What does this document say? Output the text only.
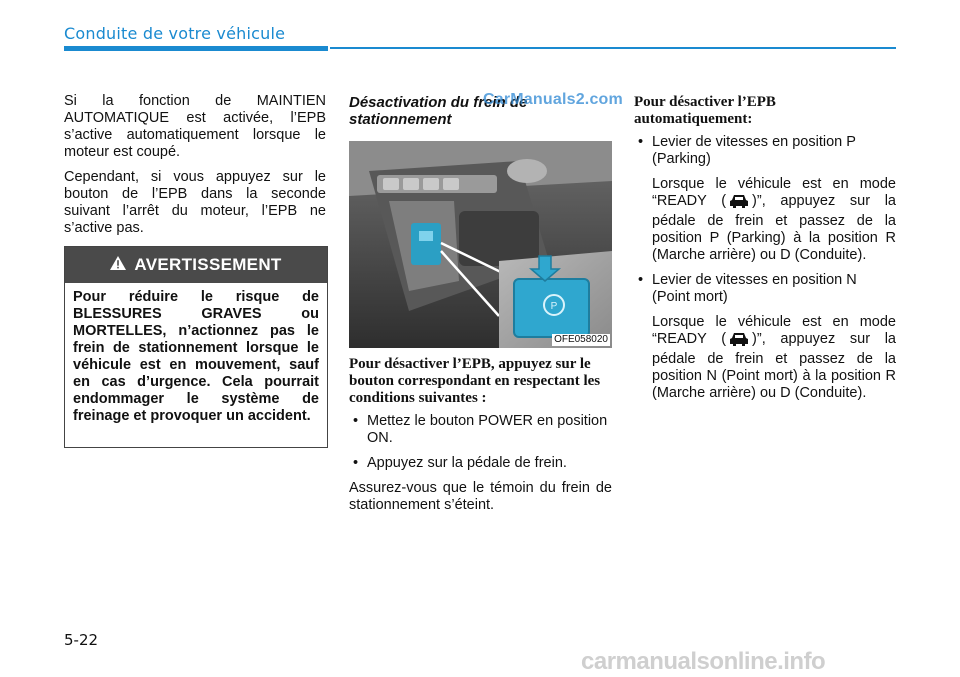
Conduite de votre véhicule

Si la fonction de MAINTIEN AUTOMATIQUE est activée, l’EPB s’active automatiquement lorsque le moteur est coupé.

Cependant, si vous appuyez sur le bouton de l’EPB dans la seconde suivant l’arrêt du moteur, l’EPB ne s’active pas.

AVERTISSEMENT
Pour réduire le risque de BLESSURES GRAVES ou MORTELLES, n’actionnez pas le frein de stationnement lorsque le véhicule est en mouvement, sauf en cas d’urgence. Cela pourrait endommager le système de freinage et provoquer un accident.

Désactivation du frein de stationnement

P
OFE058020
CarManuals2.com

Pour désactiver l’EPB, appuyez sur le bouton correspondant en respectant les conditions suivantes :

• Mettez le bouton POWER en position ON.
• Appuyez sur la pédale de frein.

Assurez-vous que le témoin du frein de stationnement s’éteint.

Pour désactiver l’EPB automatiquement:

• Levier de vitesses en position P (Parking)

Lorsque le véhicule est en mode “READY ( )”, appuyez sur la pédale de frein et passez de la position P (Parking) à la position R (Marche arrière) ou D (Conduite).

• Levier de vitesses en position N (Point mort)

Lorsque le véhicule est en mode “READY ( )”, appuyez sur la pédale de frein et passez de la position N (Point mort) à la position R (Marche arrière) ou D (Conduite).

5-22
carmanualsonline.info
